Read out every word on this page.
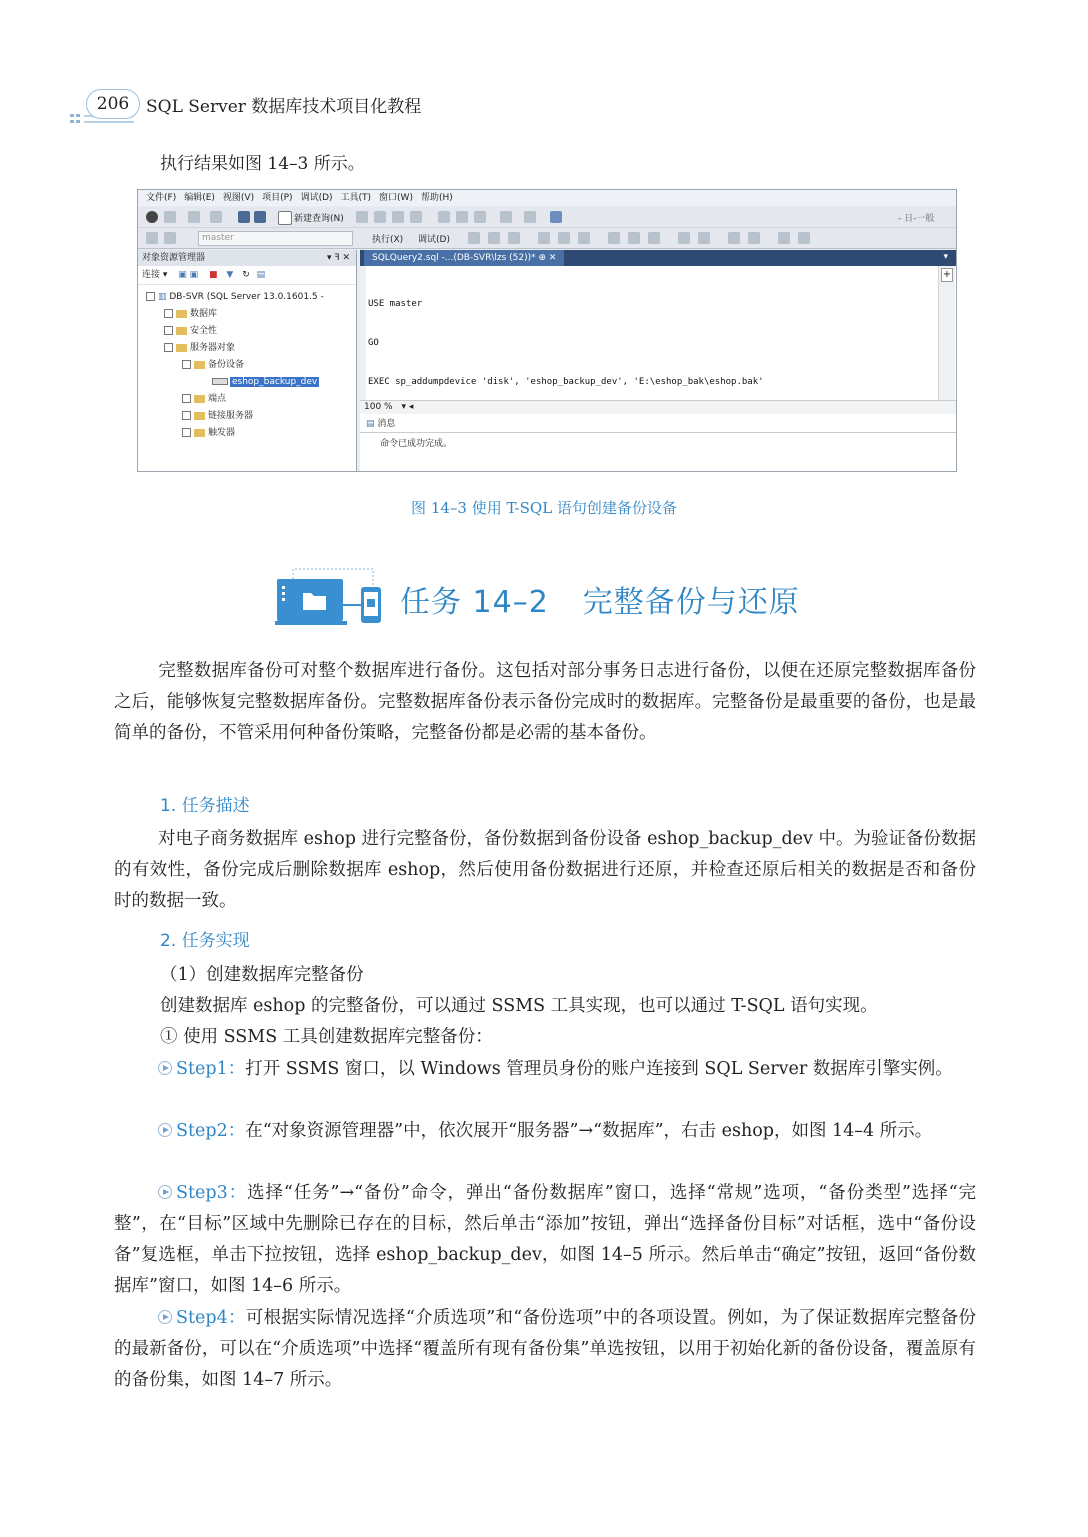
206 SQL Server 数据库技术项目化教程
执行结果如图 14–3 所示。
文件(F) 编辑(E) 视图(V) 项目(P) 调试(D) 工具(T) 窗口(W) 帮助(H)
新建查询(N)	- 日-一般
master	执行(X) 调试(D)
对象资源管理器	▾ ꟻ ✕
连接 ▾ ▣ ▣ ■ ▼ ↻ ▤
▥ DB-SVR (SQL Server 13.0.1601.5 -
数据库
安全性
服务器对象
备份设备
eshop_backup_dev
端点
链接服务器
触发器
SQLQuery2.sql -...(DB-SVR\lzs (52))* ⊕ ✕	▾

USE master

GO

EXEC sp_addumpdevice 'disk', 'eshop_backup_dev', 'E:\eshop_bak\eshop.bak'

+
100 % ▾ ◂
▤ 消息
命令已成功完成。
图 14–3 使用 T-SQL 语句创建备份设备
任务 14–2 完整备份与还原
完整数据库备份可对整个数据库进行备份。这包括对部分事务日志进行备份，以便在还原完整数据库备份之后，能够恢复完整数据库备份。完整数据库备份表示备份完成时的数据库。完整备份是最重要的备份，也是最简单的备份，不管采用何种备份策略，完整备份都是必需的基本备份。
1. 任务描述
对电子商务数据库 eshop 进行完整备份，备份数据到备份设备 eshop_backup_dev 中。为验证备份数据的有效性，备份完成后删除数据库 eshop，然后使用备份数据进行还原，并检查还原后相关的数据是否和备份时的数据一致。
2. 任务实现
（1）创建数据库完整备份
创建数据库 eshop 的完整备份，可以通过 SSMS 工具实现，也可以通过 T-SQL 语句实现。
① 使用 SSMS 工具创建数据库完整备份：
Step1：打开 SSMS 窗口，以 Windows 管理员身份的账户连接到 SQL Server 数据库引擎实例。
Step2：在“对象资源管理器”中，依次展开“服务器”→“数据库”，右击 eshop，如图 14–4 所示。
Step3：选择“任务”→“备份”命令，弹出“备份数据库”窗口，选择“常规”选项，“备份类型”选择“完整”，在“目标”区域中先删除已存在的目标，然后单击“添加”按钮，弹出“选择备份目标”对话框，选中“备份设备”复选框，单击下拉按钮，选择 eshop_backup_dev，如图 14–5 所示。然后单击“确定”按钮，返回“备份数据库”窗口，如图 14–6 所示。
Step4：可根据实际情况选择“介质选项”和“备份选项”中的各项设置。例如，为了保证数据库完整备份的最新备份，可以在“介质选项”中选择“覆盖所有现有备份集”单选按钮，以用于初始化新的备份设备，覆盖原有的备份集，如图 14–7 所示。
